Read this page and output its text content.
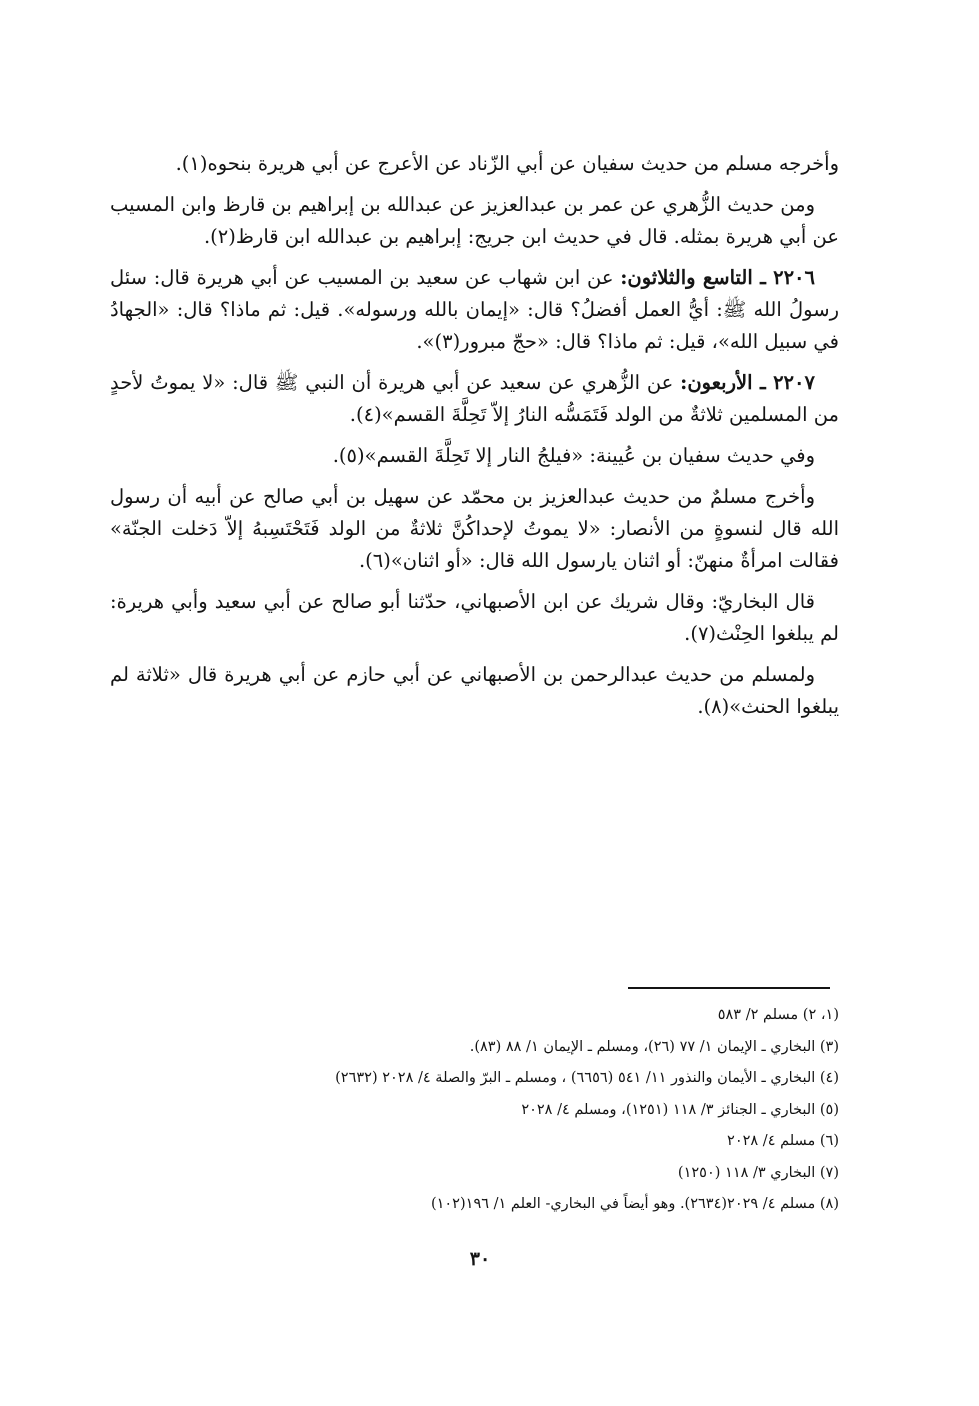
وأخرجه مسلم من حديث سفيان عن أبي الزّناد عن الأعرج عن أبي هريرة بنحوه(١).

ومن حديث الزُّهري عن عمر بن عبدالعزيز عن عبدالله بن إبراهيم بن قارظ وابن المسيب عن أبي هريرة بمثله. قال في حديث ابن جريج: إبراهيم بن عبدالله ابن قارظ(٢).

٢٢٠٦ ـ التاسع والثلاثون: عن ابن شهاب عن سعيد بن المسيب عن أبي هريرة قال: سئل رسولُ الله ﷺ: أيُّ العمل أفضلُ؟ قال: «إيمان بالله ورسوله». قيل: ثم ماذا؟ قال: «الجهادُ في سبيل الله»، قيل: ثم ماذا؟ قال: «حجّ مبرور(٣)».

٢٢٠٧ ـ الأربعون: عن الزُّهري عن سعيد عن أبي هريرة أن النبي ﷺ قال: «لا يموتُ لأحدٍ من المسلمين ثلاثةٌ من الولد فَتَمَسُّه النارُ إلاّ تَحِلَّةَ القسم»(٤).

وفي حديث سفيان بن عُيينة: «فيلجُ النار إلا تَحِلَّةَ القسم»(٥).

وأخرج مسلمٌ من حديث عبدالعزيز بن محمّد عن سهيل بن أبي صالح عن أبيه أن رسول الله قال لنسوةٍ من الأنصار: «لا يموتُ لإحداكُنَّ ثلاثةٌ من الولد فَتَحْتَسِبهُ إلاّ دَخلت الجنّة» فقالت امرأةٌ منهنّ: أو اثنان يارسول الله قال: «أو اثنان»(٦).

قال البخاريّ: وقال شريك عن ابن الأصبهاني، حدّثنا أبو صالح عن أبي سعيد وأبي هريرة: لم يبلغوا الحِنْث(٧).

ولمسلم من حديث عبدالرحمن بن الأصبهاني عن أبي حازم عن أبي هريرة قال «ثلاثة لم يبلغوا الحنث»(٨).

(١، ٢) مسلم ٢/ ٥٨٣

(٣) البخاري ـ الإيمان ١/ ٧٧ (٢٦)، ومسلم ـ الإيمان ١/ ٨٨ (٨٣).

(٤) البخاري ـ الأيمان والنذور ١١/ ٥٤١ (٦٦٥٦) ، ومسلم ـ البرّ والصلة ٤/ ٢٠٢٨ (٢٦٣٢)

(٥) البخاري ـ الجنائز ٣/ ١١٨ (١٢٥١)، ومسلم ٤/ ٢٠٢٨

(٦) مسلم ٤/ ٢٠٢٨

(٧) البخاري ٣/ ١١٨ (١٢٥٠)

(٨) مسلم ٤/ ٢٠٢٩(٢٦٣٤). وهو أيضاً في البخاري- العلم ١/ ١٩٦(١٠٢)

٣٠
